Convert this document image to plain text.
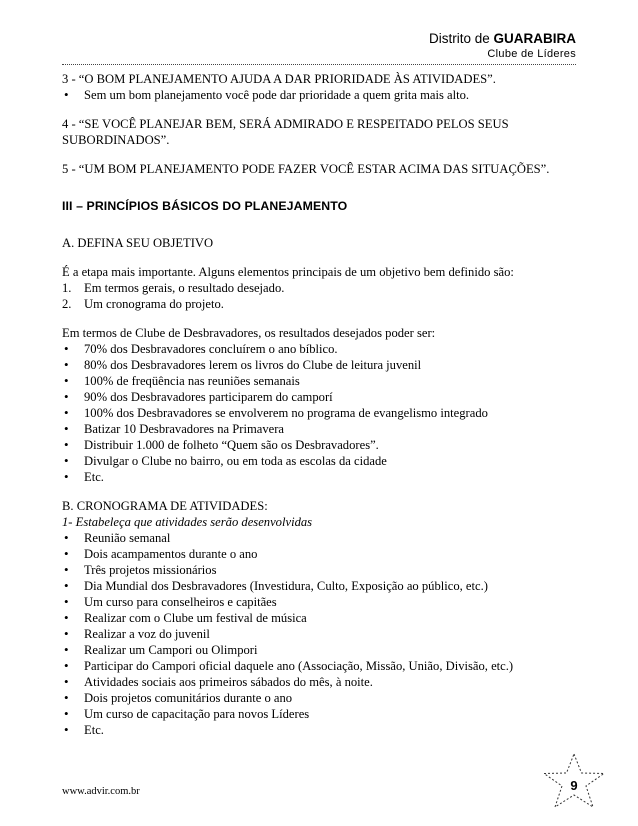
Distrito de GUARABIRA
Clube de Líderes

3 - “O BOM PLANEJAMENTO AJUDA A DAR PRIORIDADE ÀS ATIVIDADES”.

• Sem um bom planejamento você pode dar prioridade a quem grita mais alto.

4 - “SE VOCÊ PLANEJAR BEM, SERÁ ADMIRADO E RESPEITADO PELOS SEUS SUBORDINADOS”.

5 - “UM BOM PLANEJAMENTO PODE FAZER VOCÊ ESTAR ACIMA DAS SITUAÇÕES”.

III – PRINCÍPIOS BÁSICOS DO PLANEJAMENTO

A. DEFINA SEU OBJETIVO

É a etapa mais importante. Alguns elementos principais de um objetivo bem definido são:

1. Em termos gerais, o resultado desejado.
2. Um cronograma do projeto.

Em termos de Clube de Desbravadores, os resultados desejados poder ser:

• 70% dos Desbravadores concluírem o ano bíblico.
• 80% dos Desbravadores lerem os livros do Clube de leitura juvenil
• 100% de freqüência nas reuniões semanais
• 90% dos Desbravadores participarem do camporí
• 100% dos Desbravadores se envolverem no programa de evangelismo integrado
• Batizar 10 Desbravadores na Primavera
• Distribuir 1.000 de folheto “Quem são os Desbravadores”.
• Divulgar o Clube no bairro, ou em toda as escolas da cidade
• Etc.

B. CRONOGRAMA DE ATIVIDADES:

1- Estabeleça que atividades serão desenvolvidas

• Reunião semanal
• Dois acampamentos durante o ano
• Três projetos missionários
• Dia Mundial dos Desbravadores (Investidura, Culto, Exposição ao público, etc.)
• Um curso para conselheiros e capitães
• Realizar com o Clube um festival de música
• Realizar a voz do juvenil
• Realizar um Campori ou Olimpori
• Participar do Campori oficial daquele ano (Associação, Missão, União, Divisão, etc.)
• Atividades sociais aos primeiros sábados do mês, à noite.
• Dois projetos comunitários durante o ano
• Um curso de capacitação para novos Líderes
• Etc.
www.advir.com.br	9
